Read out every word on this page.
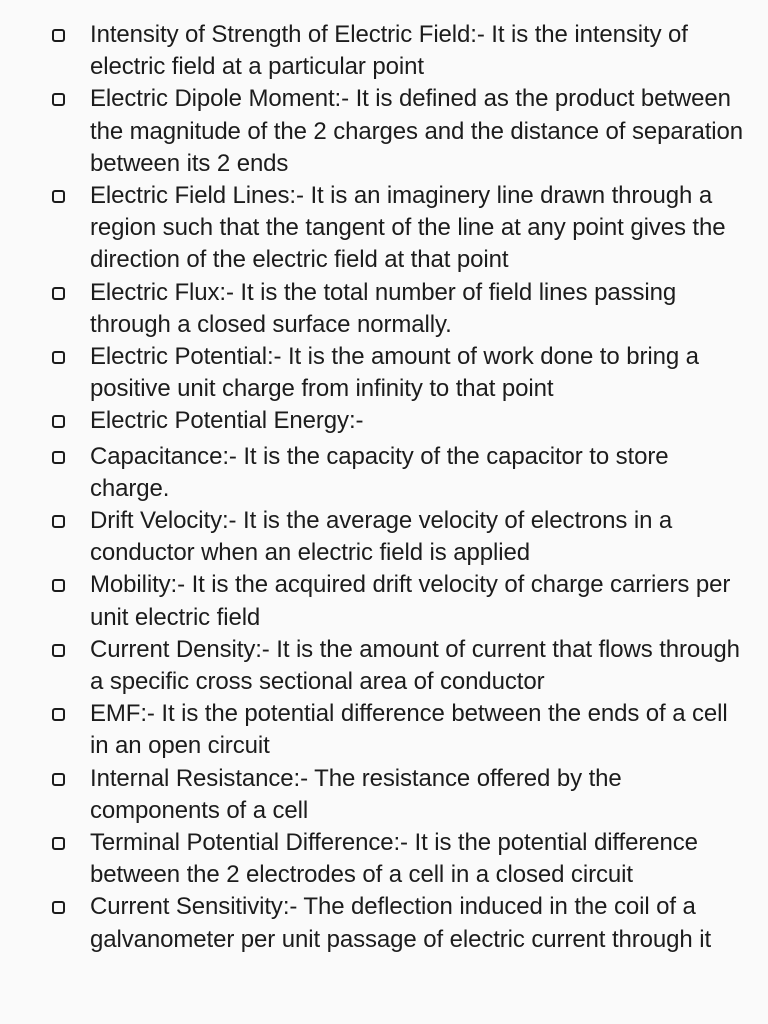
Intensity of Strength of Electric Field:- It is the intensity of electric field at a particular point
Electric Dipole Moment:- It is defined as the product between the magnitude of the 2 charges and the distance of separation between its 2 ends
Electric Field Lines:- It is an imaginery line drawn through a region such that the tangent of the line at any point gives the direction of the electric field at that point
Electric Flux:- It is the total number of field lines passing through a closed surface normally.
Electric Potential:- It is the amount of work done to bring a positive unit charge from infinity to that point
Electric Potential Energy:-
Capacitance:- It is the capacity of the capacitor to store charge.
Drift Velocity:- It is the average velocity of electrons in a conductor when an electric field is applied
Mobility:- It is the acquired drift velocity of charge carriers per unit electric field
Current Density:- It is the amount of current that flows through a specific cross sectional area of conductor
EMF:- It is the potential difference between the ends of a cell in an open circuit
Internal Resistance:- The resistance offered by the components of a cell
Terminal Potential Difference:- It is the potential difference between the 2 electrodes of a cell in a closed circuit
Current Sensitivity:- The deflection induced in the coil of a galvanometer per unit passage of electric current through it
